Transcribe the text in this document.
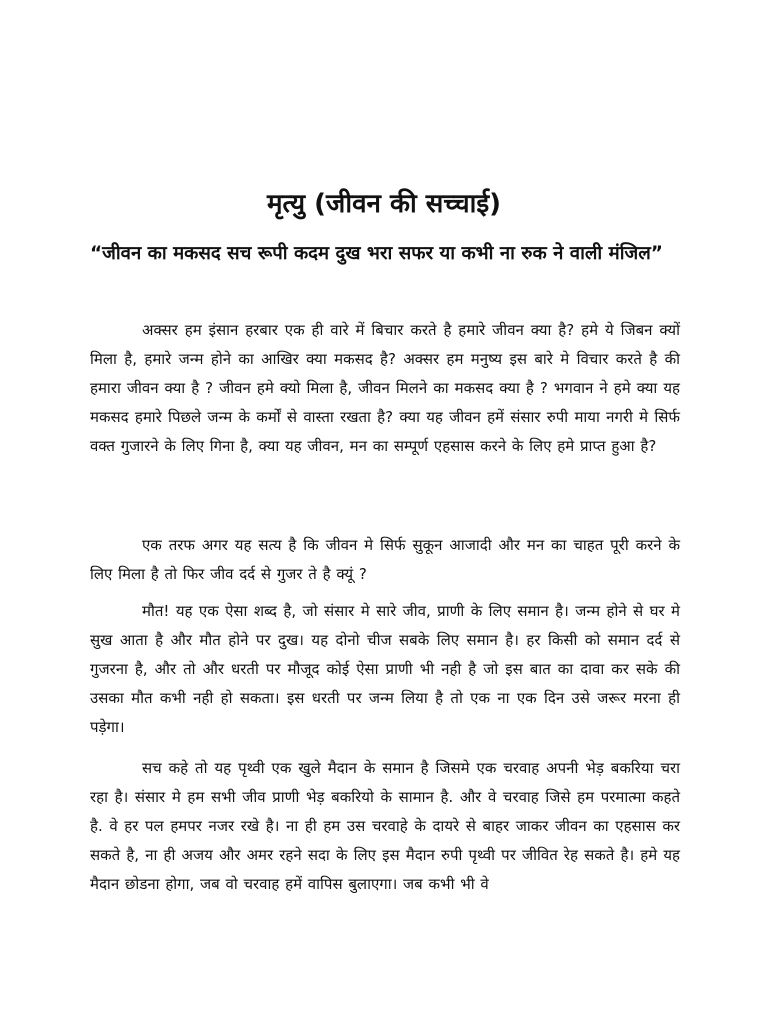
मृत्यु (जीवन की सच्चाई)

“जीवन का मकसद सच रूपी कदम दुख भरा सफर या कभी ना रुक ने वाली मंजिल”

अक्सर हम इंसान हरबार एक ही वारे में बिचार करते है हमारे जीवन क्या है? हमे ये जिबन क्यों मिला है, हमारे जन्म होने का आखिर क्या मकसद है? अक्सर हम मनुष्य इस बारे मे विचार करते है की हमारा जीवन क्या है ? जीवन हमे क्यो मिला है, जीवन मिलने का मकसद क्या है ? भगवान ने हमे क्या यह मकसद हमारे पिछले जन्म के कर्मों से वास्ता रखता है? क्या यह जीवन हमें संसार रुपी माया नगरी मे सिर्फ वक्त गुजारने के लिए गिना है, क्या यह जीवन, मन का सम्पूर्ण एहसास करने के लिए हमे प्राप्त हुआ है?

एक तरफ अगर यह सत्य है कि जीवन मे सिर्फ सुकून आजादी और मन का चाहत पूरी करने के लिए मिला है तो फिर जीव दर्द से गुजर ते है क्यूं ?

मौत! यह एक ऐसा शब्द है, जो संसार मे सारे जीव, प्राणी के लिए समान है। जन्म होने से घर मे सुख आता है और मौत होने पर दुख। यह दोनो चीज सबके लिए समान है। हर किसी को समान दर्द से गुजरना है, और तो और धरती पर मौजूद कोई ऐसा प्राणी भी नही है जो इस बात का दावा कर सके की उसका मौत कभी नही हो सकता। इस धरती पर जन्म लिया है तो एक ना एक दिन उसे जरूर मरना ही पड़ेगा।

सच कहे तो यह पृथ्वी एक खुले मैदान के समान है जिसमे एक चरवाह अपनी भेड़ बकरिया चरा रहा है। संसार मे हम सभी जीव प्राणी भेड़ बकरियो के सामान है. और वे चरवाह जिसे हम परमात्मा कहते है. वे हर पल हमपर नजर रखे है। ना ही हम उस चरवाहे के दायरे से बाहर जाकर जीवन का एहसास कर सकते है, ना ही अजय और अमर रहने सदा के लिए इस मैदान रुपी पृथ्वी पर जीवित रेह सकते है। हमे यह मैदान छोडना होगा, जब वो चरवाह हमें वापिस बुलाएगा। जब कभी भी वे
